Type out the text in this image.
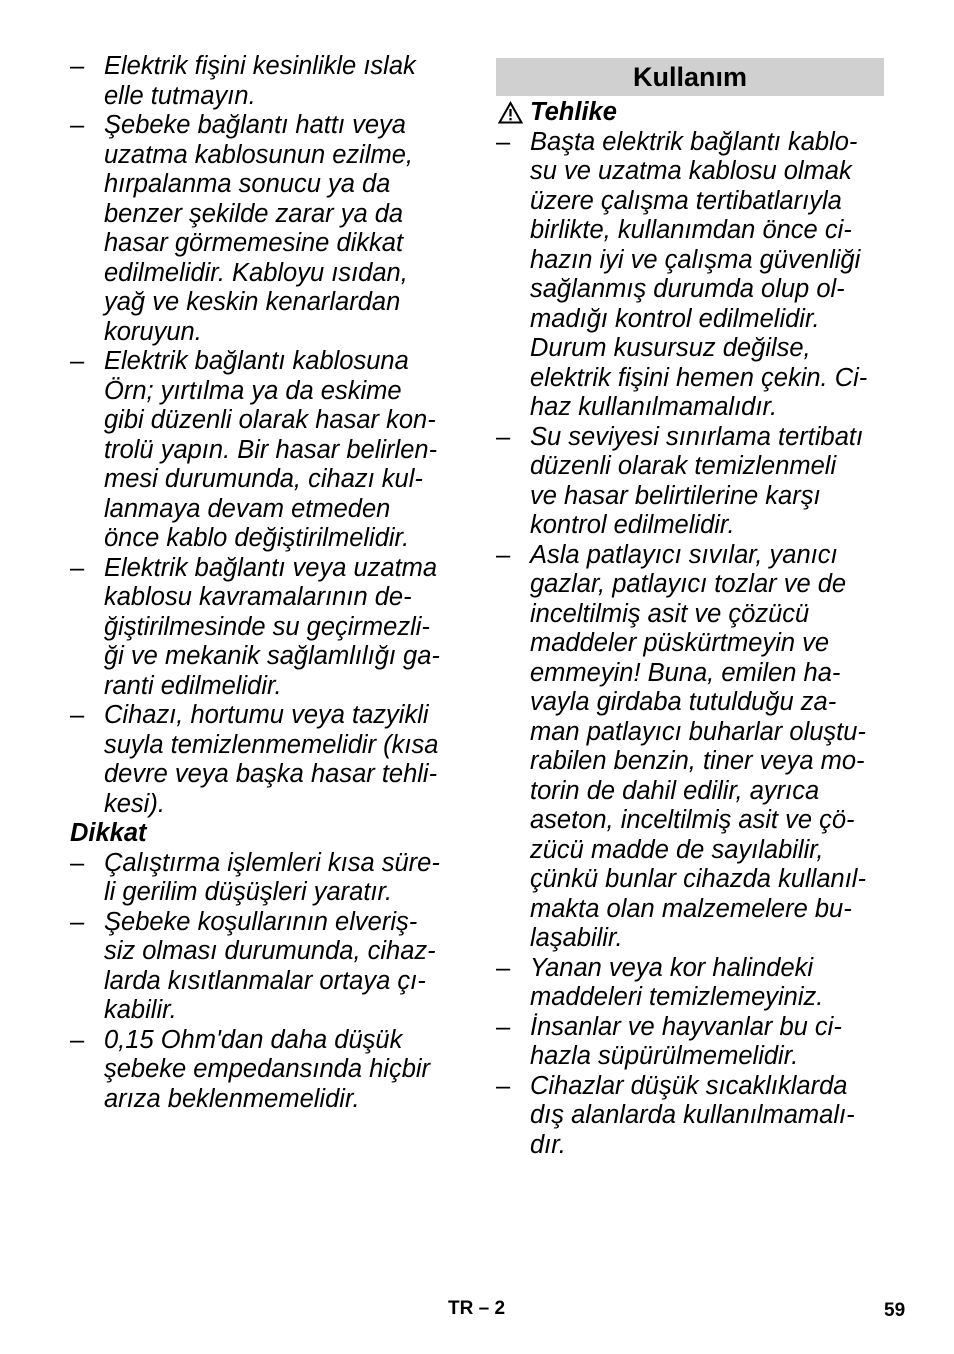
– Elektrik fişini kesinlikle ıslak
elle tutmayın.
– Şebeke bağlantı hattı veya
uzatma kablosunun ezilme,
hırpalanma sonucu ya da
benzer şekilde zarar ya da
hasar görmemesine dikkat
edilmelidir. Kabloyu ısıdan,
yağ ve keskin kenarlardan
koruyun.
– Elektrik bağlantı kablosuna
Örn; yırtılma ya da eskime
gibi düzenli olarak hasar kon-
trolü yapın. Bir hasar belirlen-
mesi durumunda, cihazı kul-
lanmaya devam etmeden
önce kablo değiştirilmelidir.
– Elektrik bağlantı veya uzatma
kablosu kavramalarının de-
ğiştirilmesinde su geçirmezli-
ği ve mekanik sağlamlılığı ga-
ranti edilmelidir.
– Cihazı, hortumu veya tazyikli
suyla temizlenmemelidir (kısa
devre veya başka hasar tehli-
kesi).
Dikkat
– Çalıştırma işlemleri kısa süre-
li gerilim düşüşleri yaratır.
– Şebeke koşullarının elveriş-
siz olması durumunda, cihaz-
larda kısıtlanmalar ortaya çı-
kabilir.
– 0,15 Ohm'dan daha düşük
şebeke empedansında hiçbir
arıza beklenmemelidir.
Kullanım
Tehlike
– Başta elektrik bağlantı kablo-
su ve uzatma kablosu olmak
üzere çalışma tertibatlarıyla
birlikte, kullanımdan önce ci-
hazın iyi ve çalışma güvenliği
sağlanmış durumda olup ol-
madığı kontrol edilmelidir.
Durum kusursuz değilse,
elektrik fişini hemen çekin. Ci-
haz kullanılmamalıdır.
– Su seviyesi sınırlama tertibatı
düzenli olarak temizlenmeli
ve hasar belirtilerine karşı
kontrol edilmelidir.
– Asla patlayıcı sıvılar, yanıcı
gazlar, patlayıcı tozlar ve de
inceltilmiş asit ve çözücü
maddeler püskürtmeyin ve
emmeyin! Buna, emilen ha-
vayla girdaba tutulduğu za-
man patlayıcı buharlar oluştu-
rabilen benzin, tiner veya mo-
torin de dahil edilir, ayrıca
aseton, inceltilmiş asit ve çö-
zücü madde de sayılabilir,
çünkü bunlar cihazda kullanıl-
makta olan malzemelere bu-
laşabilir.
– Yanan veya kor halindeki
maddeleri temizlemeyiniz.
– İnsanlar ve hayvanlar bu ci-
hazla süpürülmemelidir.
– Cihazlar düşük sıcaklıklarda
dış alanlarda kullanılmamalı-
dır.
TR – 2	59
